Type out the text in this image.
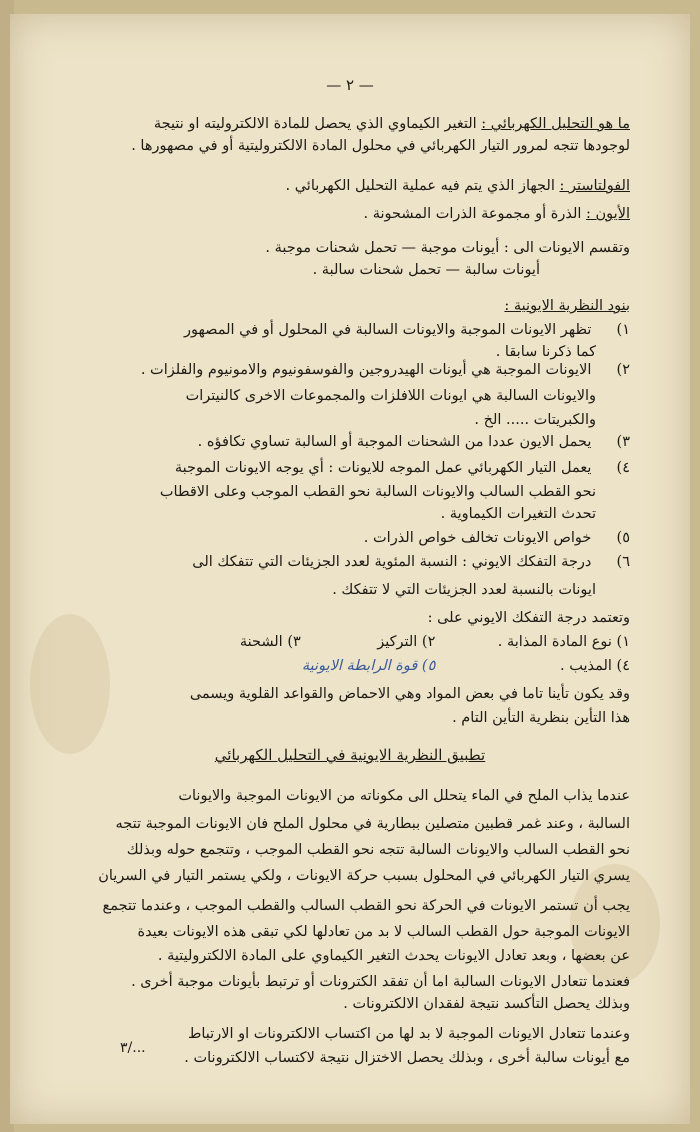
— ٢ —
ما هو التحليل الكهربائي : التغير الكيماوي الذي يحصل للمادة الالكتروليته او نتيجة
لوجودها تتجه لمرور التيار الكهربائي في محلول المادة الالكتروليتية أو في مصهورها .
الفولتاستر : الجهاز الذي يتم فيه عملية التحليل الكهربائي .
الأيون : الذرة أو مجموعة الذرات المشحونة .
وتقسم الايونات الى : أيونات موجبة — تحمل شحنات موجبة .
أيونات سالبة — تحمل شحنات سالبة .
بنود النظرية الايونية :
١) تظهر الايونات الموجبة والايونات السالبة في المحلول أو في المصهور
كما ذكرنا سابقا .
٢) الايونات الموجبة هي أيونات الهيدروجين والفوسفونيوم والامونيوم والفلزات .
والايونات السالبة هي ايونات اللافلزات والمجموعات الاخرى كالنيترات
والكبريتات ..... الخ .
٣) يحمل الايون عددا من الشحنات الموجبة أو السالبة تساوي تكافؤه .
٤) يعمل التيار الكهربائي عمل الموجه للايونات : أي يوجه الايونات الموجبة
نحو القطب السالب والايونات السالبة نحو القطب الموجب وعلى الاقطاب
تحدث التغيرات الكيماوية .
٥) خواص الايونات تخالف خواص الذرات .
٦) درجة التفكك الايوني : النسبة المئوية لعدد الجزيئات التي تتفكك الى
ايونات بالنسبة لعدد الجزيئات التي لا تتفكك .
وتعتمد درجة التفكك الايوني على :
١) نوع المادة المذابة . ٢) التركيز ٣) الشحنة
٤) المذيب . ٥) قوة الرابطة الايونية
وقد يكون تأينا تاما في بعض المواد وهي الاحماض والقواعد القلوية ويسمى
هذا التأين بنظرية التأين التام .
تطبيق النظرية الايونية في التحليل الكهربائي
عندما يذاب الملح في الماء يتحلل الى مكوناته من الايونات الموجبة والايونات
السالبة ، وعند غمر قطبين متصلين ببطارية في محلول الملح فان الايونات الموجبة تتجه
نحو القطب السالب والايونات السالبة تتجه نحو القطب الموجب ، وتتجمع حوله وبذلك
يسري التيار الكهربائي في المحلول بسبب حركة الايونات ، ولكي يستمر التيار في السريان
يجب أن تستمر الايونات في الحركة نحو القطب السالب والقطب الموجب ، وعندما تتجمع
الايونات الموجبة حول القطب السالب لا بد من تعادلها لكي تبقى هذه الايونات بعيدة
عن بعضها ، وبعد تعادل الايونات يحدث التغير الكيماوي على المادة الالكتروليتية .
فعندما تتعادل الايونات السالبة اما أن تفقد الكترونات أو ترتبط بأيونات موجبة أخرى .
وبذلك يحصل التأكسد نتيجة لفقدان الالكترونات .
وعندما تتعادل الايونات الموجبة لا بد لها من اكتساب الالكترونات او الارتباط
مع أيونات سالبة أخرى ، وبذلك يحصل الاختزال نتيجة لاكتساب الالكترونات .
٣/...
